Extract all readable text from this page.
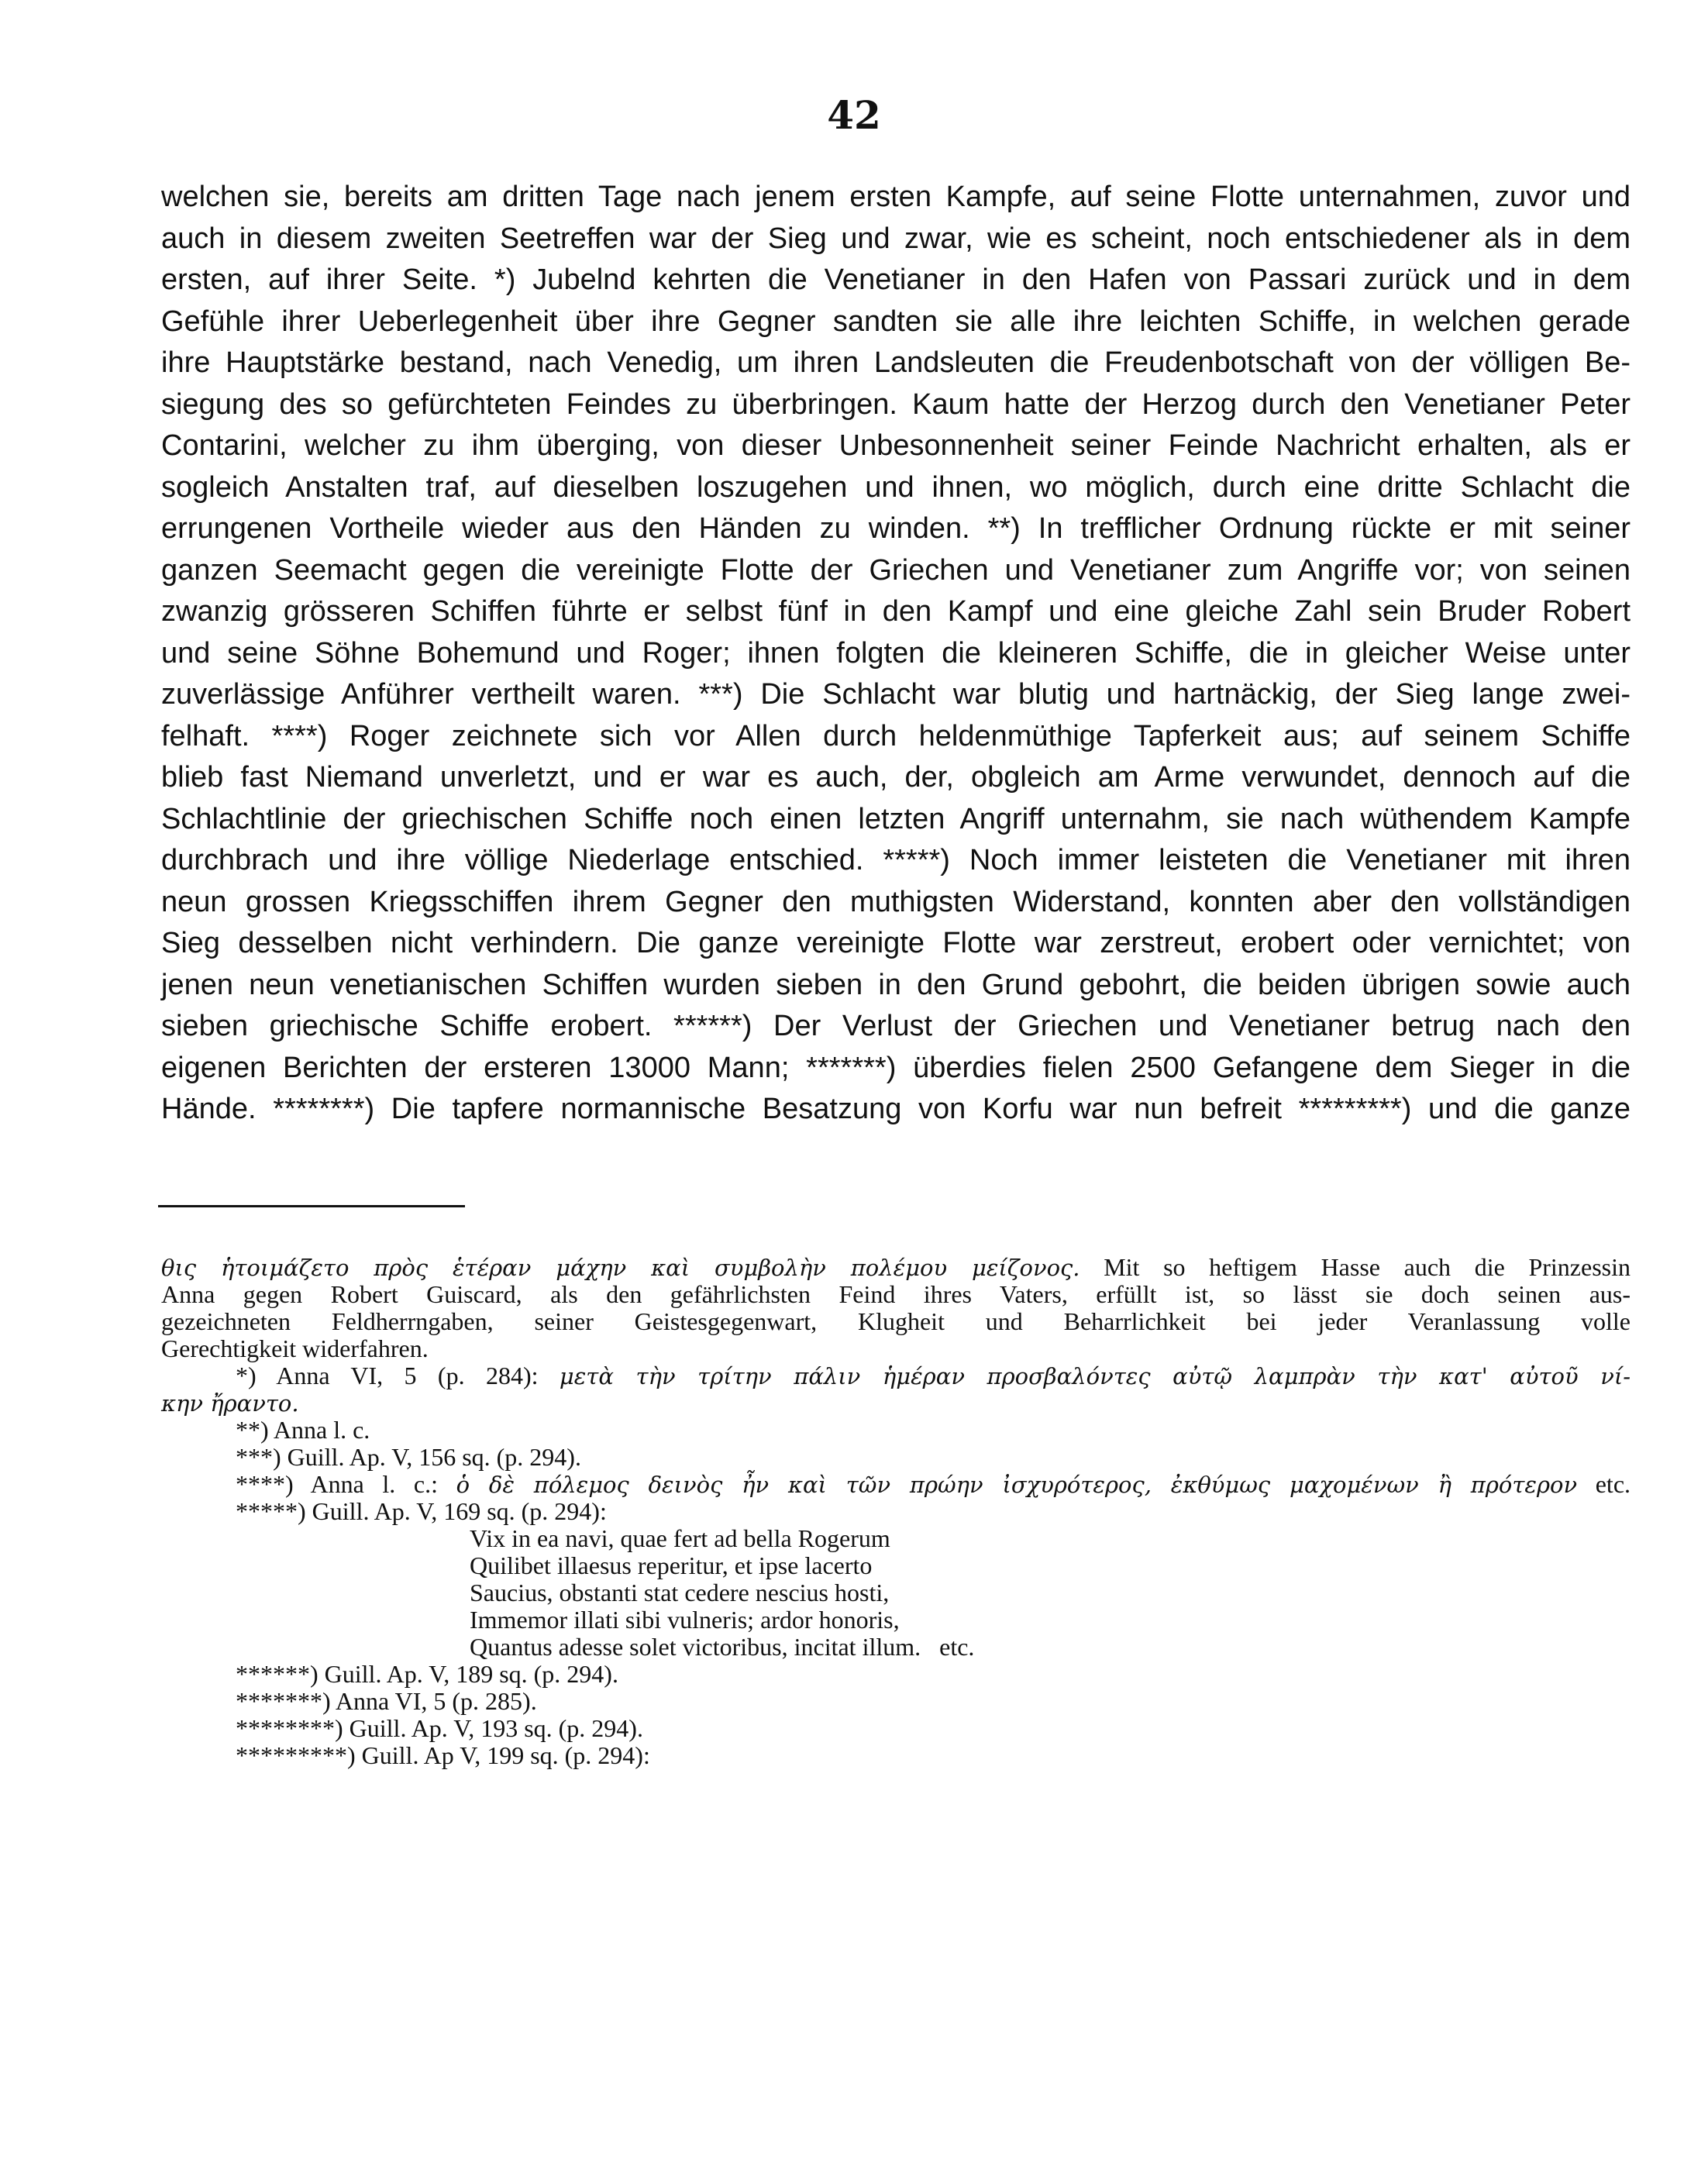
42
welchen sie, bereits am dritten Tage nach jenem ersten Kampfe, auf seine Flotte unternahmen, zuvor und
auch in diesem zweiten Seetreffen war der Sieg und zwar, wie es scheint, noch entschiedener als in dem
ersten, auf ihrer Seite. *) Jubelnd kehrten die Venetianer in den Hafen von Passari zurück und in dem
Gefühle ihrer Ueberlegenheit über ihre Gegner sandten sie alle ihre leichten Schiffe, in welchen gerade
ihre Hauptstärke bestand, nach Venedig, um ihren Landsleuten die Freudenbotschaft von der völligen Be-
siegung des so gefürchteten Feindes zu überbringen. Kaum hatte der Herzog durch den Venetianer Peter
Contarini, welcher zu ihm überging, von dieser Unbesonnenheit seiner Feinde Nachricht erhalten, als er
sogleich Anstalten traf, auf dieselben loszugehen und ihnen, wo möglich, durch eine dritte Schlacht die
errungenen Vortheile wieder aus den Händen zu winden. **) In trefflicher Ordnung rückte er mit seiner
ganzen Seemacht gegen die vereinigte Flotte der Griechen und Venetianer zum Angriffe vor; von seinen
zwanzig grösseren Schiffen führte er selbst fünf in den Kampf und eine gleiche Zahl sein Bruder Robert
und seine Söhne Bohemund und Roger; ihnen folgten die kleineren Schiffe, die in gleicher Weise unter
zuverlässige Anführer vertheilt waren. ***) Die Schlacht war blutig und hartnäckig, der Sieg lange zwei-
felhaft. ****) Roger zeichnete sich vor Allen durch heldenmüthige Tapferkeit aus; auf seinem Schiffe
blieb fast Niemand unverletzt, und er war es auch, der, obgleich am Arme verwundet, dennoch auf die
Schlachtlinie der griechischen Schiffe noch einen letzten Angriff unternahm, sie nach wüthendem Kampfe
durchbrach und ihre völlige Niederlage entschied. *****) Noch immer leisteten die Venetianer mit ihren
neun grossen Kriegsschiffen ihrem Gegner den muthigsten Widerstand, konnten aber den vollständigen
Sieg desselben nicht verhindern. Die ganze vereinigte Flotte war zerstreut, erobert oder vernichtet; von
jenen neun venetianischen Schiffen wurden sieben in den Grund gebohrt, die beiden übrigen sowie auch
sieben griechische Schiffe erobert. ******) Der Verlust der Griechen und Venetianer betrug nach den
eigenen Berichten der ersteren 13000 Mann; *******) überdies fielen 2500 Gefangene dem Sieger in die
Hände. ********) Die tapfere normannische Besatzung von Korfu war nun befreit *********) und die ganze
θις ἡτοιμάζετο πρὸς ἑτέραν μάχην καὶ συμβολὴν πολέμου μείζονος. Mit so heftigem Hasse auch die Prinzessin
Anna gegen Robert Guiscard, als den gefährlichsten Feind ihres Vaters, erfüllt ist, so lässt sie doch seinen aus-
gezeichneten Feldherrngaben, seiner Geistesgegenwart, Klugheit und Beharrlichkeit bei jeder Veranlassung volle
Gerechtigkeit widerfahren.
*) Anna VI, 5 (p. 284): μετὰ τὴν τρίτην πάλιν ἡμέραν προσβαλόντες αὐτῷ λαμπρὰν τὴν κατ' αὐτοῦ νί-
κην ἤραντο.
**) Anna l. c.
***) Guill. Ap. V, 156 sq. (p. 294).
****) Anna l. c.: ὁ δὲ πόλεμος δεινὸς ἦν καὶ τῶν πρώην ἰσχυρότερος, ἐκθύμως μαχομένων ἢ πρότερον etc.
*****) Guill. Ap. V, 169 sq. (p. 294):
Vix in ea navi, quae fert ad bella Rogerum
Quilibet illaesus reperitur, et ipse lacerto
Saucius, obstanti stat cedere nescius hosti,
Immemor illati sibi vulneris; ardor honoris,
Quantus adesse solet victoribus, incitat illum.   etc.
******) Guill. Ap. V, 189 sq. (p. 294).
*******) Anna VI, 5 (p. 285).
********) Guill. Ap. V, 193 sq. (p. 294).
*********) Guill. Ap V, 199 sq. (p. 294):
